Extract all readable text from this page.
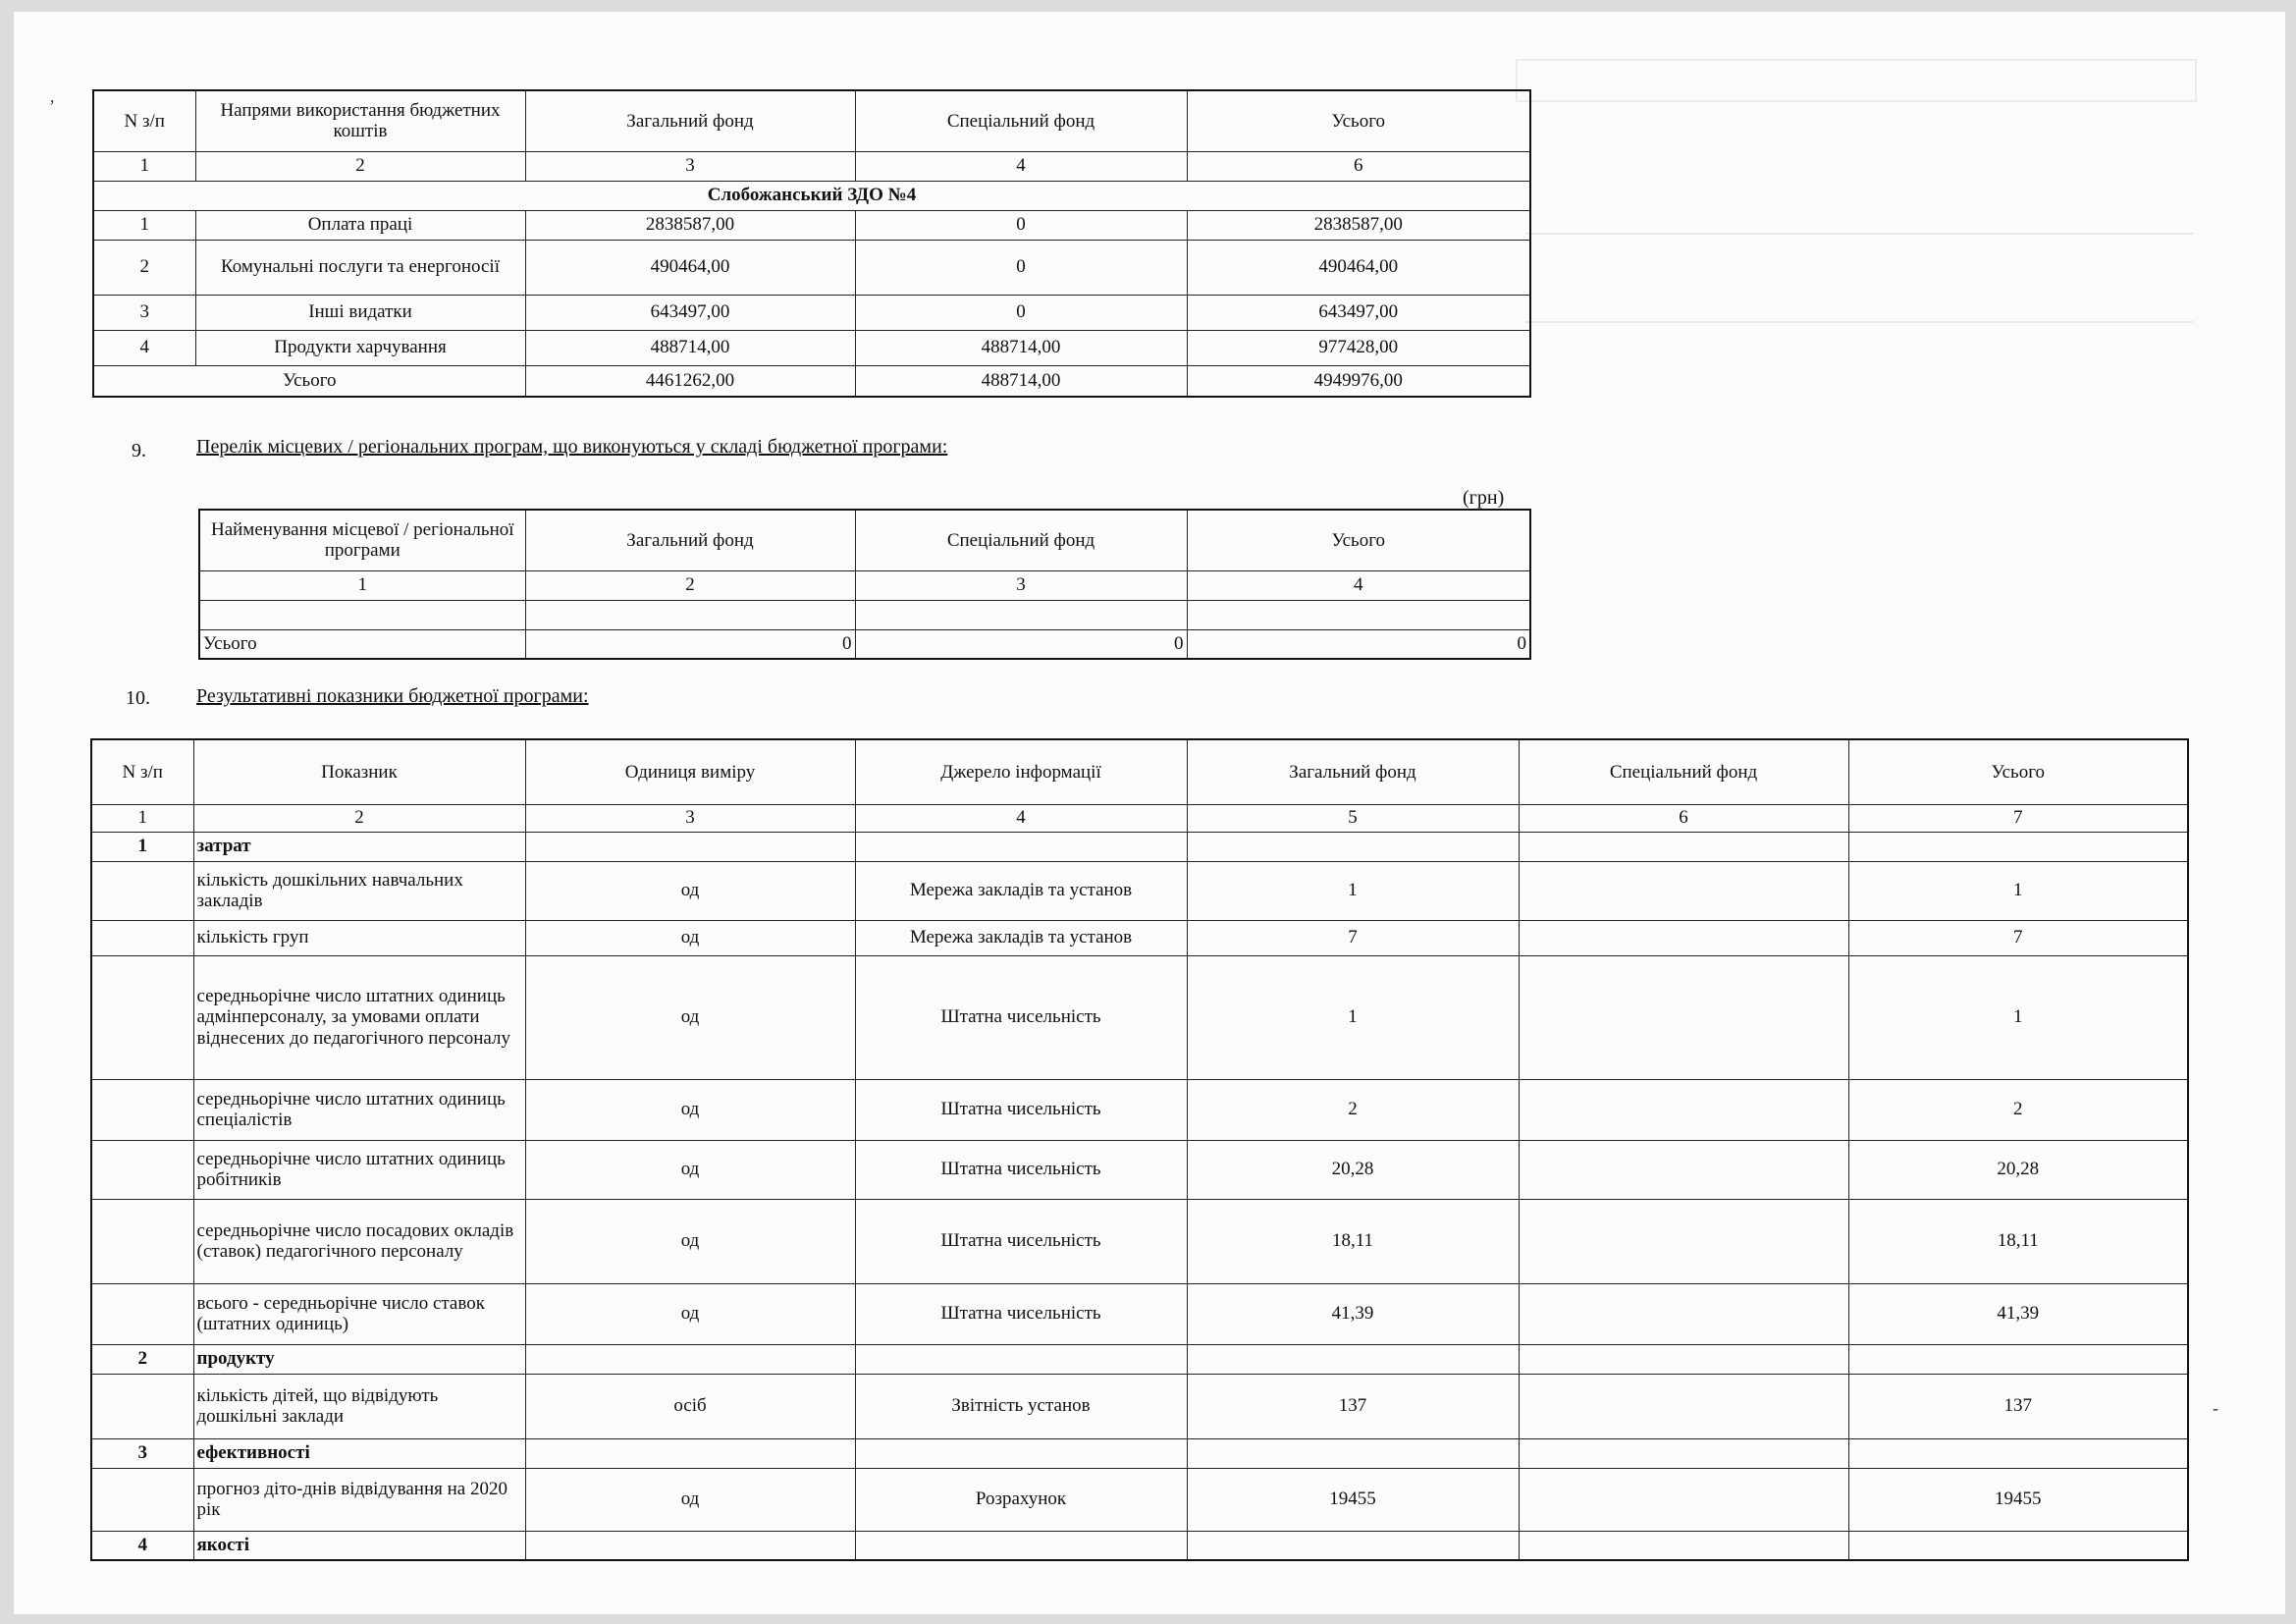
’
N з/п	Напрями використання бюджетних коштів	Загальний фонд	Спеціальний фонд	Усього
1	2	3	4	6
Слобожанський ЗДО №4				
1	Оплата праці	2838587,00	0	2838587,00
2	Комунальні послуги та енергоносії	490464,00	0	490464,00
3	Інші видатки	643497,00	0	643497,00
4	Продукти харчування	488714,00	488714,00	977428,00
Усього		4461262,00	488714,00	4949976,00
9.	Перелік місцевих / регіональних програм, що виконуються у складі бюджетної програми:
(грн)
Найменування місцевої / регіональної програми	Загальний фонд	Спеціальний фонд	Усього
1	2	3	4

Усього	0	0	0
10. Результативні показники бюджетної програми:
N з/п	Показник	Одиниця виміру	Джерело інформації	Загальний фонд	Спеціальний фонд	Усього
1	2	3	4	5	6	7
1	затрат					
	кількість дошкільних навчальних закладів	од	Мережа закладів та установ	1		1
	кількість груп	од	Мережа закладів та установ	7		7
	середньорічне число штатних одиниць адмінперсоналу, за умовами оплати віднесених до педагогічного персоналу	од	Штатна чисельність	1		1
	середньорічне число штатних одиниць спеціалістів	од	Штатна чисельність	2		2
	середньорічне число штатних одиниць робітників	од	Штатна чисельність	20,28		20,28
	середньорічне число посадових окладів (ставок) педагогічного персоналу	од	Штатна чисельність	18,11		18,11
	всього - середньорічне число ставок (штатних одиниць)	од	Штатна чисельність	41,39		41,39
2	продукту					
	кількість дітей, що відвідують дошкільні заклади	осіб	Звітність установ	137		137
3	ефективності					
	прогноз дітo-днів відвідування на 2020 рік	од	Розрахунок	19455		19455
4	якості					
-
